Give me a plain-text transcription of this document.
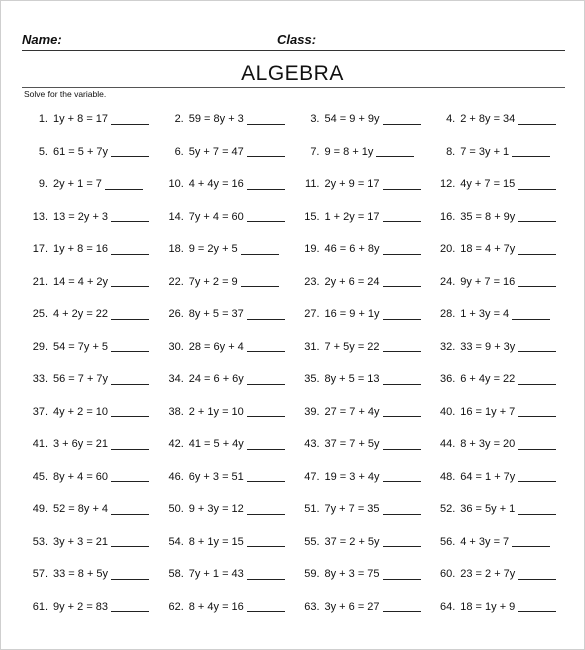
Name:	Class:
ALGEBRA
Solve for the variable.
1. 1y + 8 = 17	2. 59 = 8y + 3	3. 54 = 9 + 9y	4. 2 + 8y = 34
5. 61 = 5 + 7y	6. 5y + 7 = 47	7. 9 = 8 + 1y	8. 7 = 3y + 1
9. 2y + 1 = 7	10. 4 + 4y = 16	11. 2y + 9 = 17	12. 4y + 7 = 15
13. 13 = 2y + 3	14. 7y + 4 = 60	15. 1 + 2y = 17	16. 35 = 8 + 9y
17. 1y + 8 = 16	18. 9 = 2y + 5	19. 46 = 6 + 8y	20. 18 = 4 + 7y
21. 14 = 4 + 2y	22. 7y + 2 = 9	23. 2y + 6 = 24	24. 9y + 7 = 16
25. 4 + 2y = 22	26. 8y + 5 = 37	27. 16 = 9 + 1y	28. 1 + 3y = 4
29. 54 = 7y + 5	30. 28 = 6y + 4	31. 7 + 5y = 22	32. 33 = 9 + 3y
33. 56 = 7 + 7y	34. 24 = 6 + 6y	35. 8y + 5 = 13	36. 6 + 4y = 22
37. 4y + 2 = 10	38. 2 + 1y = 10	39. 27 = 7 + 4y	40. 16 = 1y + 7
41. 3 + 6y = 21	42. 41 = 5 + 4y	43. 37 = 7 + 5y	44. 8 + 3y = 20
45. 8y + 4 = 60	46. 6y + 3 = 51	47. 19 = 3 + 4y	48. 64 = 1 + 7y
49. 52 = 8y + 4	50. 9 + 3y = 12	51. 7y + 7 = 35	52. 36 = 5y + 1
53. 3y + 3 = 21	54. 8 + 1y = 15	55. 37 = 2 + 5y	56. 4 + 3y = 7
57. 33 = 8 + 5y	58. 7y + 1 = 43	59. 8y + 3 = 75	60. 23 = 2 + 7y
61. 9y + 2 = 83	62. 8 + 4y = 16	63. 3y + 6 = 27	64. 18 = 1y + 9
